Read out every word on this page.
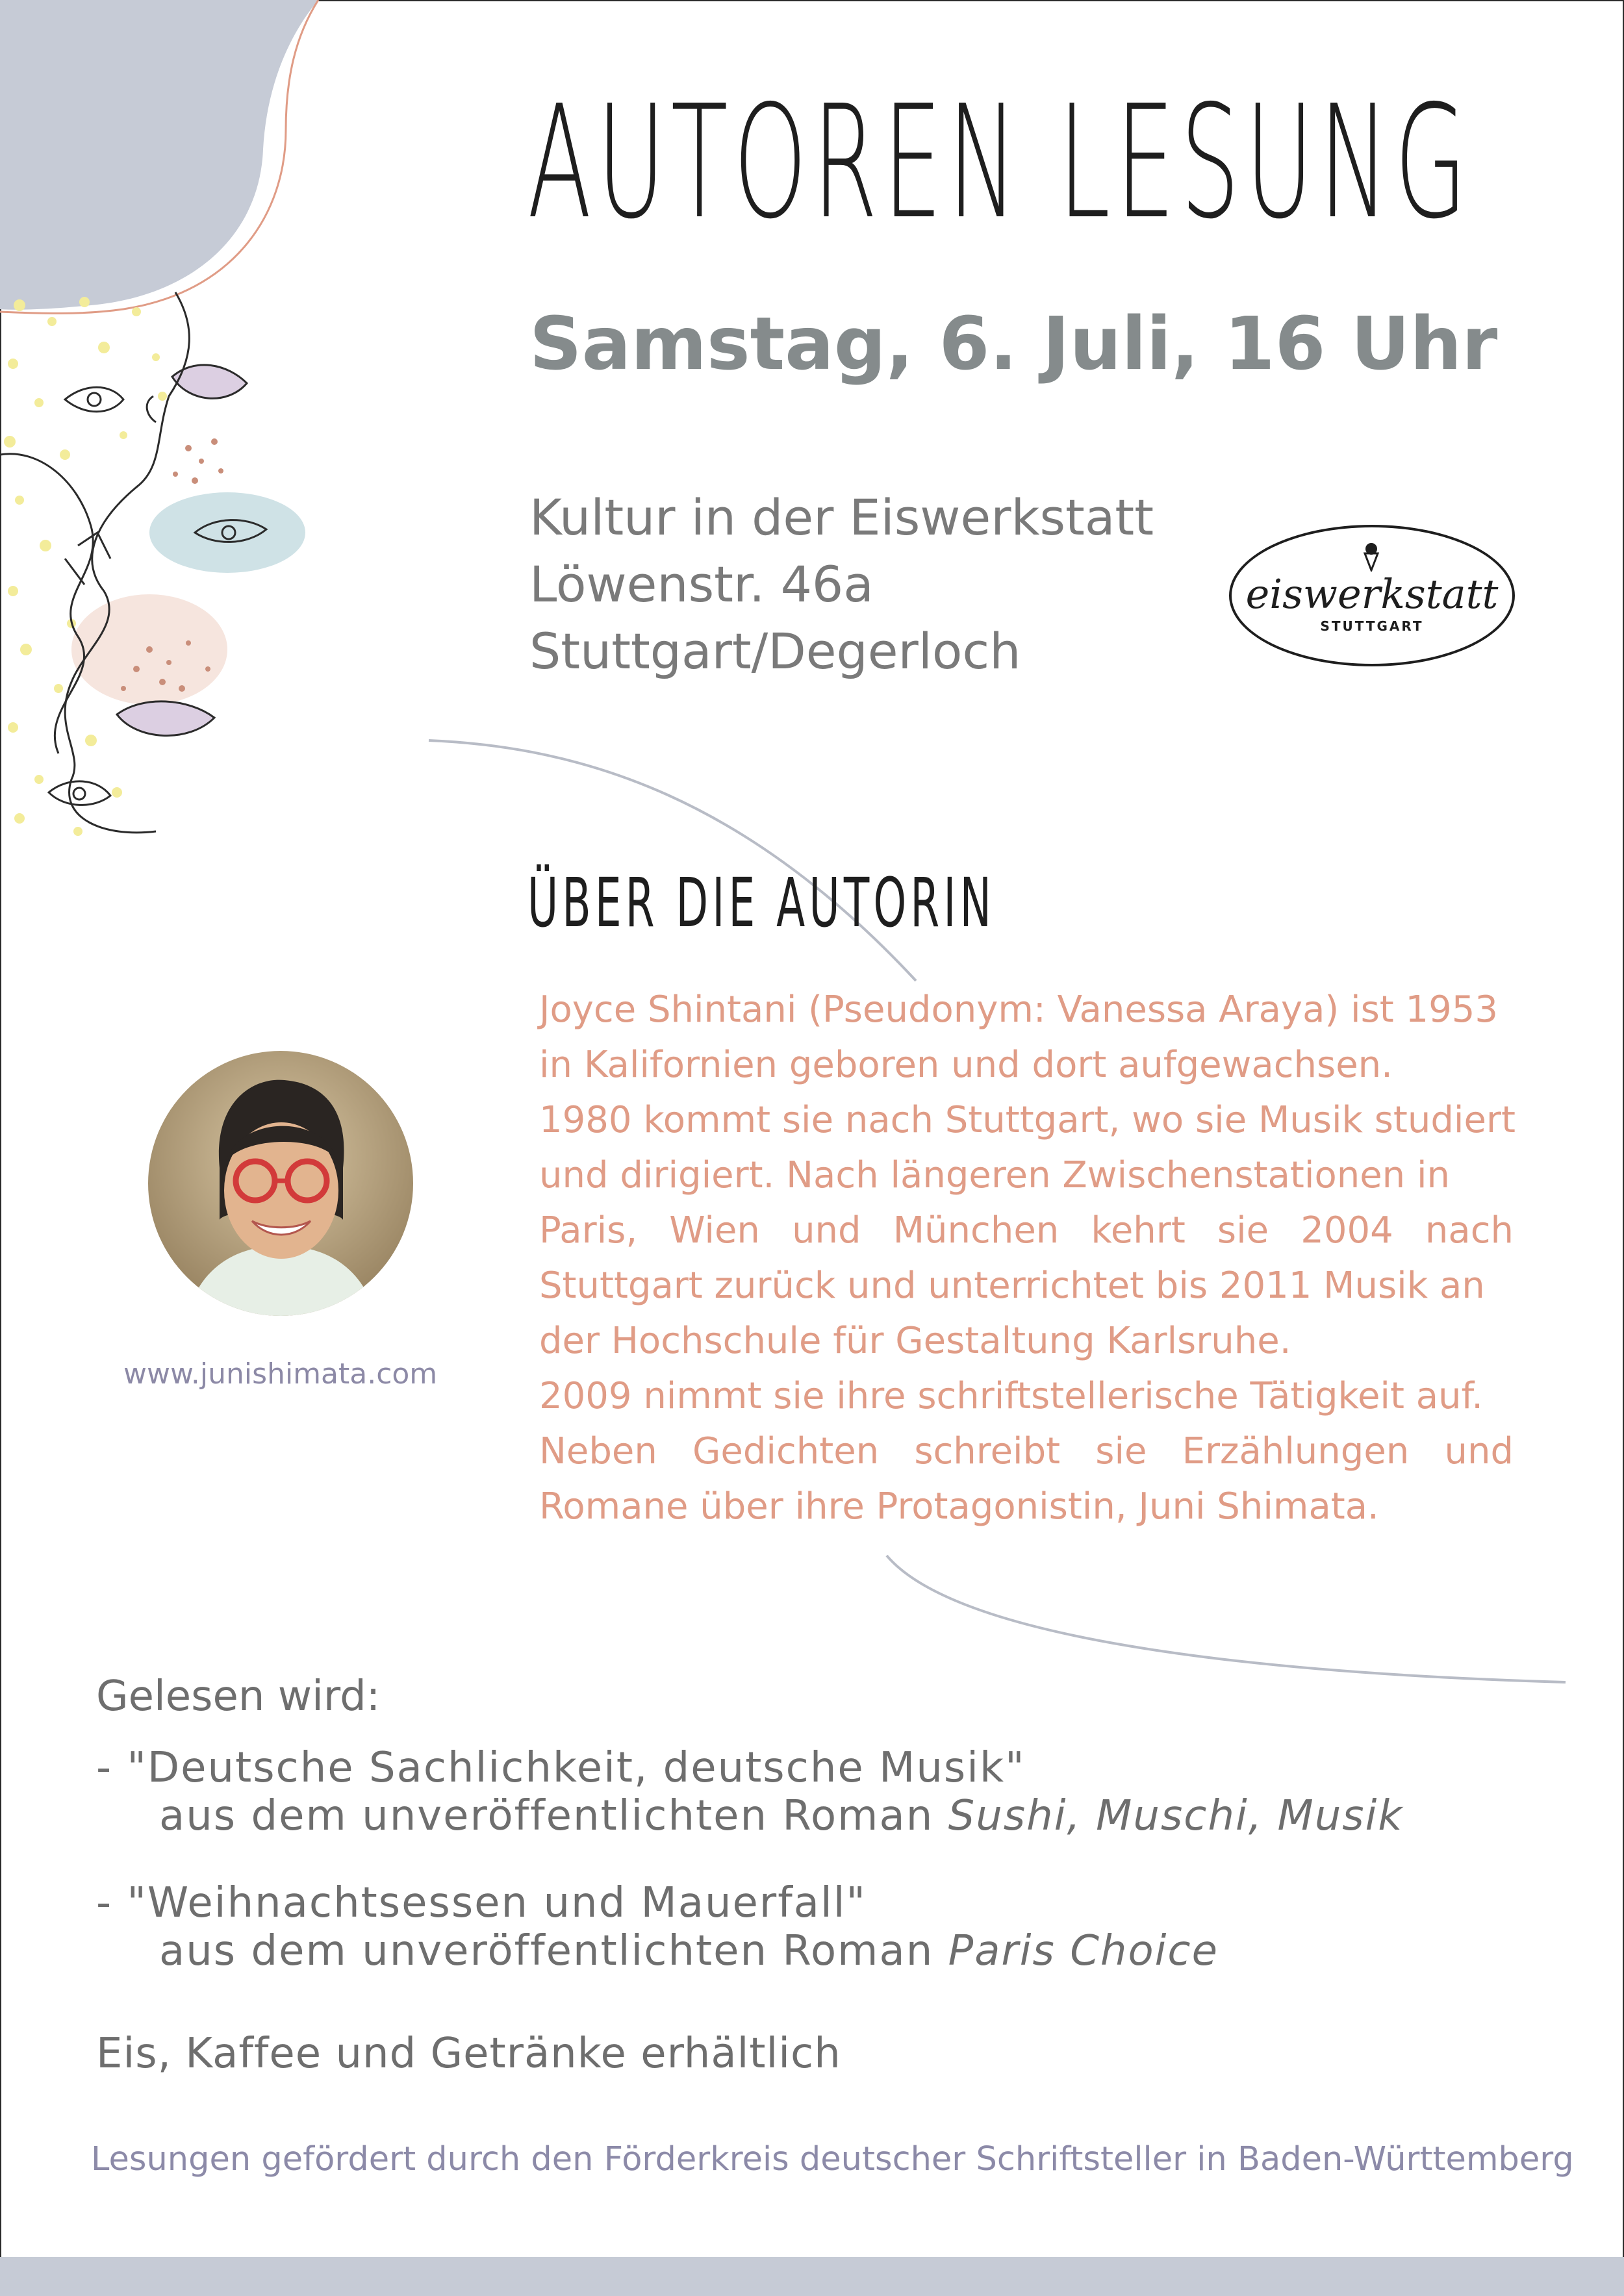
AUTOREN LESUNG
Samstag, 6. Juli, 16 Uhr
Kultur in der Eiswerkstatt
Löwenstr. 46a
Stuttgart/Degerloch
eiswerkstatt
STUTTGART
ÜBER DIE AUTORIN
Joyce Shintani (Pseudonym: Vanessa Araya) ist 1953
in Kalifornien geboren und dort aufgewachsen.
1980 kommt sie nach Stuttgart, wo sie Musik studiert
und dirigiert. Nach längeren Zwischenstationen in
Paris, Wien und München kehrt sie 2004 nach
Stuttgart zurück und unterrichtet bis 2011 Musik an
der Hochschule für Gestaltung Karlsruhe.
2009 nimmt sie ihre schriftstellerische Tätigkeit auf.
Neben Gedichten schreibt sie Erzählungen und
Romane über ihre Protagonistin, Juni Shimata.
www.junishimata.com
Gelesen wird:
- "Deutsche Sachlichkeit, deutsche Musik"
aus dem unveröffentlichten Roman Sushi, Muschi, Musik
- "Weihnachtsessen und Mauerfall"
aus dem unveröffentlichten Roman Paris Choice
Eis, Kaffee und Getränke erhältlich
Lesungen gefördert durch den Förderkreis deutscher Schriftsteller in Baden-Württemberg
